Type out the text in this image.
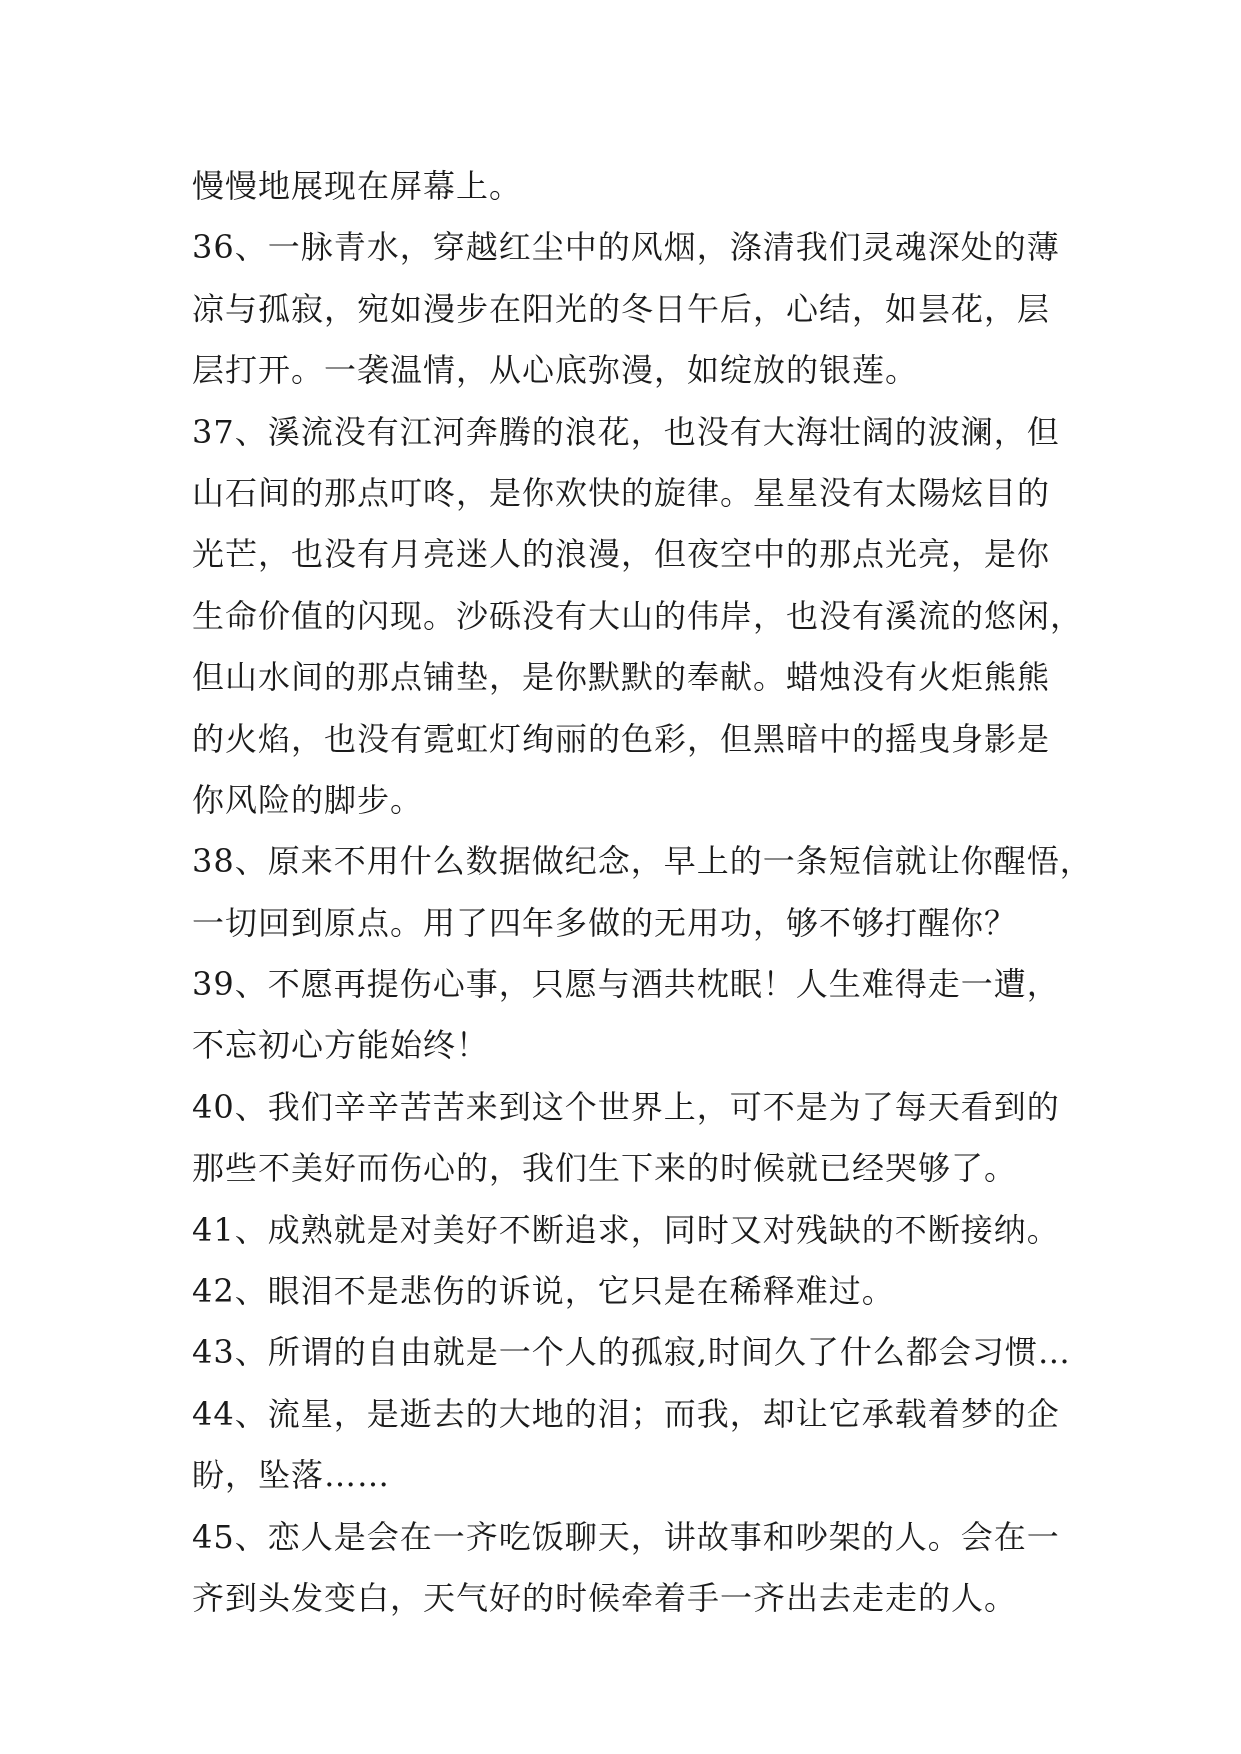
慢慢地展现在屏幕上。
36、一脉青水，穿越红尘中的风烟，涤清我们灵魂深处的薄
凉与孤寂，宛如漫步在阳光的冬日午后，心结，如昙花，层
层打开。一袭温情，从心底弥漫，如绽放的银莲。
37、溪流没有江河奔腾的浪花，也没有大海壮阔的波澜，但
山石间的那点叮咚，是你欢快的旋律。星星没有太陽炫目的
光芒，也没有月亮迷人的浪漫，但夜空中的那点光亮，是你
生命价值的闪现。沙砾没有大山的伟岸，也没有溪流的悠闲，
但山水间的那点铺垫，是你默默的奉献。蜡烛没有火炬熊熊
的火焰，也没有霓虹灯绚丽的色彩，但黑暗中的摇曳身影是
你风险的脚步。
38、原来不用什么数据做纪念，早上的一条短信就让你醒悟，
一切回到原点。用了四年多做的无用功，够不够打醒你？
39、不愿再提伤心事，只愿与酒共枕眠！人生难得走一遭，
不忘初心方能始终！
40、我们辛辛苦苦来到这个世界上，可不是为了每天看到的
那些不美好而伤心的，我们生下来的时候就已经哭够了。
41、成熟就是对美好不断追求，同时又对残缺的不断接纳。
42、眼泪不是悲伤的诉说，它只是在稀释难过。
43、所谓的自由就是一个人的孤寂,时间久了什么都会习惯…
44、流星，是逝去的大地的泪；而我，却让它承载着梦的企
盼，坠落……
45、恋人是会在一齐吃饭聊天，讲故事和吵架的人。会在一
齐到头发变白，天气好的时候牵着手一齐出去走走的人。
